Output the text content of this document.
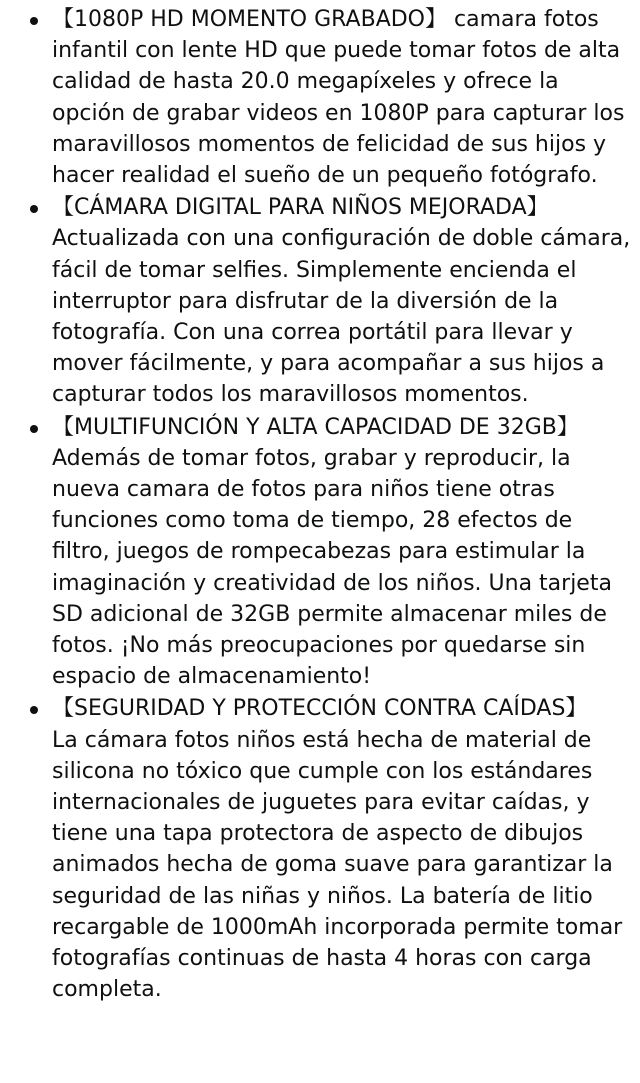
【1080P HD MOMENTO GRABADO】 camara fotos infantil con lente HD que puede tomar fotos de alta calidad de hasta 20.0 megapíxeles y ofrece la opción de grabar videos en 1080P para capturar los maravillosos momentos de felicidad de sus hijos y hacer realidad el sueño de un pequeño fotógrafo.
【CÁMARA DIGITAL PARA NIÑOS MEJORADA】
Actualizada con una configuración de doble cámara, fácil de tomar selfies. Simplemente encienda el interruptor para disfrutar de la diversión de la fotografía. Con una correa portátil para llevar y mover fácilmente, y para acompañar a sus hijos a capturar todos los maravillosos momentos.
【MULTIFUNCIÓN Y ALTA CAPACIDAD DE 32GB】
Además de tomar fotos, grabar y reproducir, la nueva camara de fotos para niños tiene otras funciones como toma de tiempo, 28 efectos de filtro, juegos de rompecabezas para estimular la imaginación y creatividad de los niños. Una tarjeta SD adicional de 32GB permite almacenar miles de fotos. ¡No más preocupaciones por quedarse sin espacio de almacenamiento!
【SEGURIDAD Y PROTECCIÓN CONTRA CAÍDAS】
La cámara fotos niños está hecha de material de silicona no tóxico que cumple con los estándares internacionales de juguetes para evitar caídas, y tiene una tapa protectora de aspecto de dibujos animados hecha de goma suave para garantizar la seguridad de las niñas y niños. La batería de litio recargable de 1000mAh incorporada permite tomar fotografías continuas de hasta 4 horas con carga completa.
